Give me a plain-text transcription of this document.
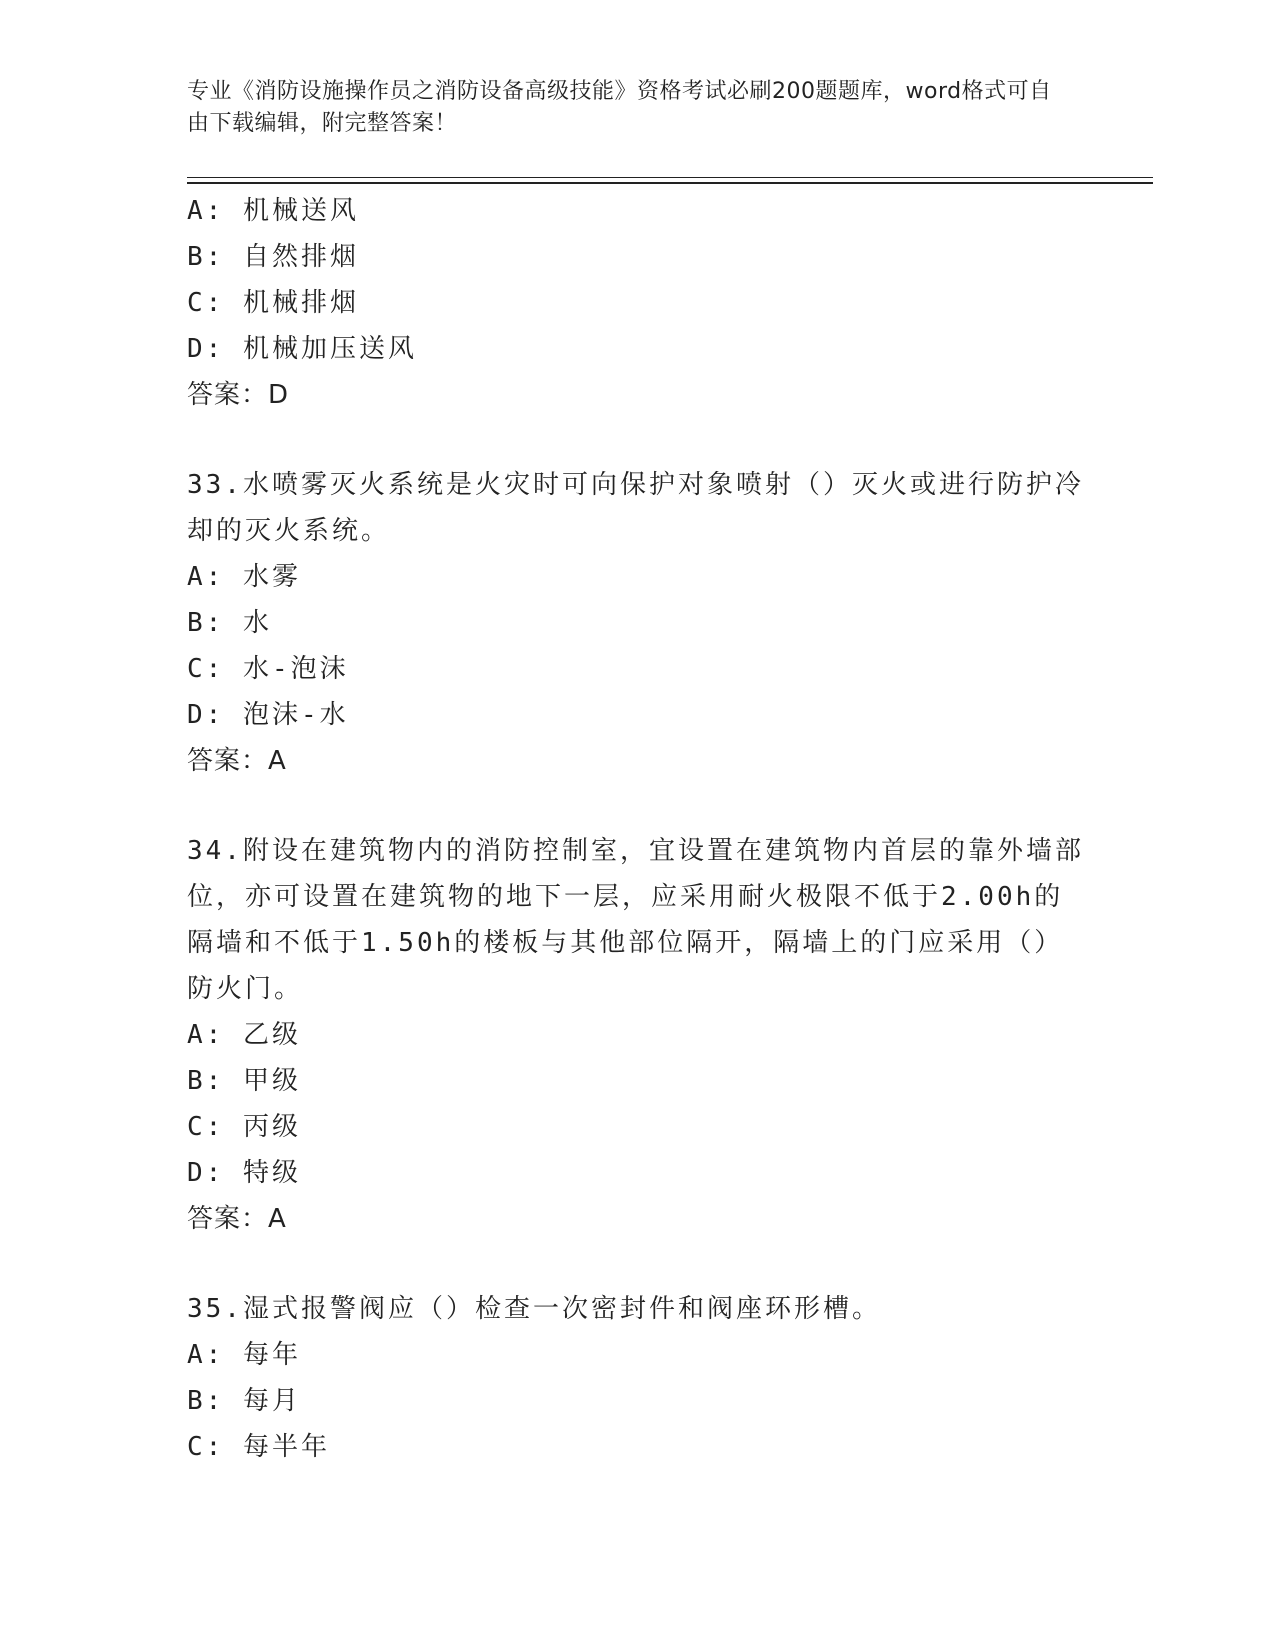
专业《消防设施操作员之消防设备高级技能》资格考试必刷200题题库，word格式可自由下载编辑，附完整答案！
A: 机械送风
B: 自然排烟
C: 机械排烟
D: 机械加压送风
答案：D
33.水喷雾灭火系统是火灾时可向保护对象喷射（）灭火或进行防护冷
却的灭火系统。
A: 水雾
B: 水
C: 水-泡沫
D: 泡沫-水
答案：A
34.附设在建筑物内的消防控制室，宜设置在建筑物内首层的靠外墙部
位，亦可设置在建筑物的地下一层，应采用耐火极限不低于2.00h的
隔墙和不低于1.50h的楼板与其他部位隔开，隔墙上的门应采用（）
防火门。
A: 乙级
B: 甲级
C: 丙级
D: 特级
答案：A
35.湿式报警阀应（）检查一次密封件和阀座环形槽。
A: 每年
B: 每月
C: 每半年
